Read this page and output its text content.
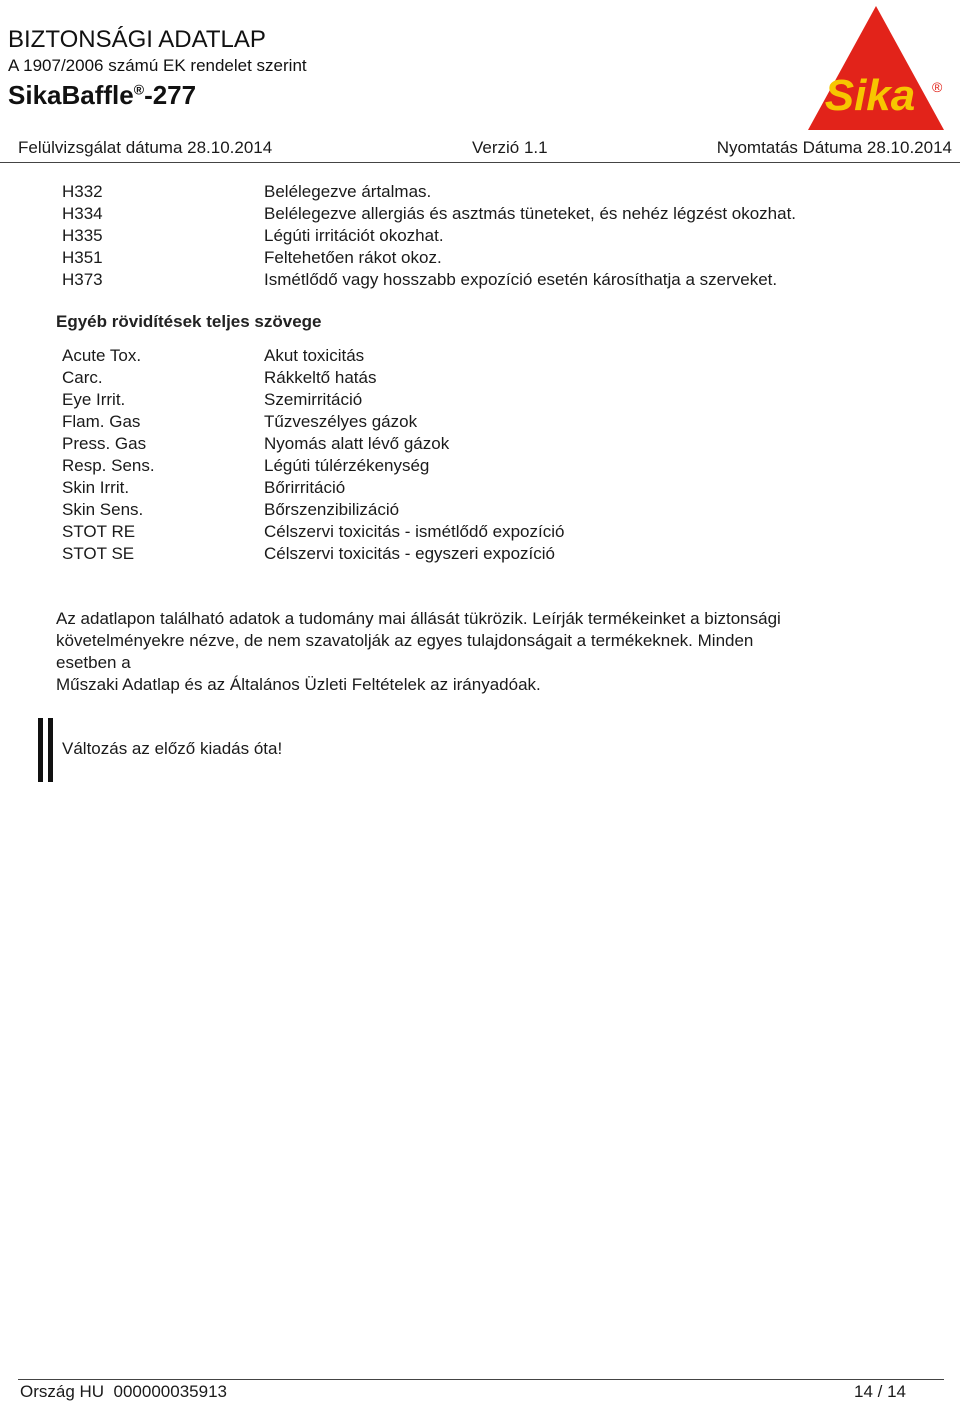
BIZTONSÁGI ADATLAP
A 1907/2006 számú EK rendelet szerint
SikaBaffle®-277	Sika ®
Felülvizsgálat dátuma 28.10.2014	Verzió 1.1	Nyomtatás Dátuma 28.10.2014
H332	Belélegezve ártalmas.
H334	Belélegezve allergiás és asztmás tüneteket, és nehéz légzést okozhat.
H335	Légúti irritációt okozhat.
H351	Feltehetően rákot okoz.
H373	Ismétlődő vagy hosszabb expozíció esetén károsíthatja a szerveket.
Egyéb rövidítések teljes szövege
Acute Tox.	Akut toxicitás
Carc.	Rákkeltő hatás
Eye Irrit.	Szemirritáció
Flam. Gas	Tűzveszélyes gázok
Press. Gas	Nyomás alatt lévő gázok
Resp. Sens.	Légúti túlérzékenység
Skin Irrit.	Bőrirritáció
Skin Sens.	Bőrszenzibilizáció
STOT RE	Célszervi toxicitás - ismétlődő expozíció
STOT SE	Célszervi toxicitás - egyszeri expozíció
Az adatlapon található adatok a tudomány mai állását tükrözik. Leírják termékeinket a biztonsági
követelményekre nézve, de nem szavatolják az egyes tulajdonságait a termékeknek. Minden
esetben a
Műszaki Adatlap és az Általános Üzleti Feltételek az irányadóak.
Változás az előző kiadás óta!
Ország HU  000000035913	14 / 14
